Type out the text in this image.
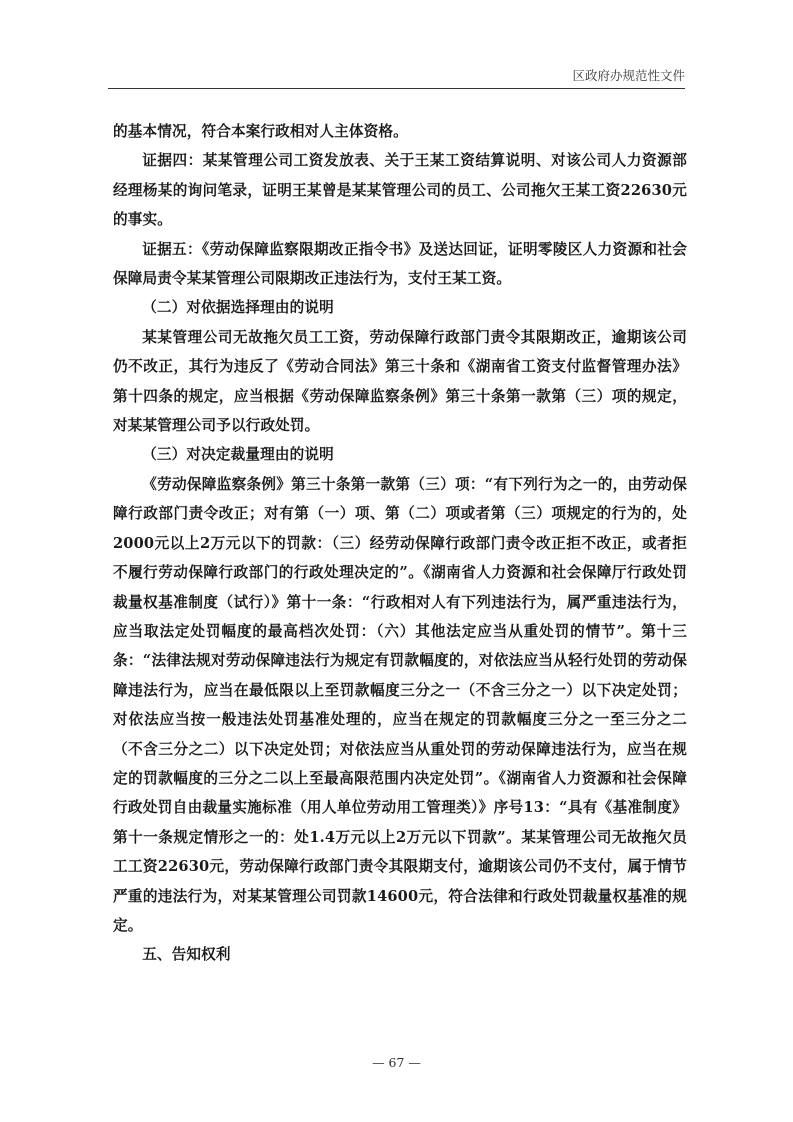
区政府办规范性文件

的基本情况，符合本案行政相对人主体资格。

证据四：某某管理公司工资发放表、关于王某工资结算说明、对该公司人力资源部经理杨某的询问笔录，证明王某曾是某某管理公司的员工、公司拖欠王某工资22630元的事实。

证据五：《劳动保障监察限期改正指令书》及送达回证，证明零陵区人力资源和社会保障局责令某某管理公司限期改正违法行为，支付王某工资。

（二）对依据选择理由的说明

某某管理公司无故拖欠员工工资，劳动保障行政部门责令其限期改正，逾期该公司仍不改正，其行为违反了《劳动合同法》第三十条和《湖南省工资支付监督管理办法》第十四条的规定，应当根据《劳动保障监察条例》第三十条第一款第（三）项的规定，对某某管理公司予以行政处罚。

（三）对决定裁量理由的说明

《劳动保障监察条例》第三十条第一款第（三）项：“有下列行为之一的，由劳动保障行政部门责令改正；对有第（一）项、第（二）项或者第（三）项规定的行为的，处2000元以上2万元以下的罚款：（三）经劳动保障行政部门责令改正拒不改正，或者拒不履行劳动保障行政部门的行政处理决定的”。《湖南省人力资源和社会保障厅行政处罚裁量权基准制度（试行）》第十一条：“行政相对人有下列违法行为，属严重违法行为，应当取法定处罚幅度的最高档次处罚：（六）其他法定应当从重处罚的情节”。第十三条：“法律法规对劳动保障违法行为规定有罚款幅度的，对依法应当从轻行处罚的劳动保障违法行为，应当在最低限以上至罚款幅度三分之一（不含三分之一）以下决定处罚；对依法应当按一般违法处罚基准处理的，应当在规定的罚款幅度三分之一至三分之二（不含三分之二）以下决定处罚；对依法应当从重处罚的劳动保障违法行为，应当在规定的罚款幅度的三分之二以上至最高限范围内决定处罚”。《湖南省人力资源和社会保障行政处罚自由裁量实施标准（用人单位劳动用工管理类）》序号13：“具有《基准制度》第十一条规定情形之一的：处1.4万元以上2万元以下罚款”。某某管理公司无故拖欠员工工资22630元，劳动保障行政部门责令其限期支付，逾期该公司仍不支付，属于情节严重的违法行为，对某某管理公司罚款14600元，符合法律和行政处罚裁量权基准的规定。

五、告知权利

— 67 —
